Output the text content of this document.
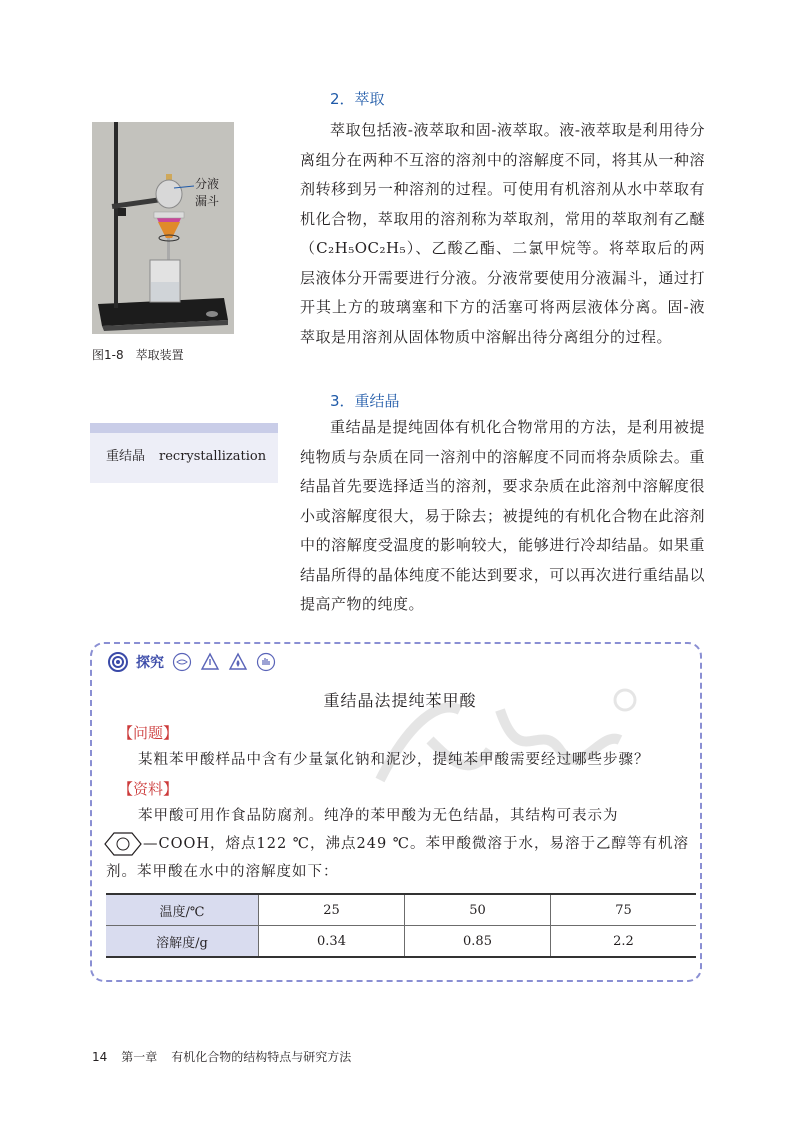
分液
漏斗
图1-8 萃取装置
2．萃取

萃取包括液-液萃取和固-液萃取。液-液萃取是利用待分离组分在两种不互溶的溶剂中的溶解度不同，将其从一种溶剂转移到另一种溶剂的过程。可使用有机溶剂从水中萃取有机化合物，萃取用的溶剂称为萃取剂，常用的萃取剂有乙醚（C₂H₅OC₂H₅）、乙酸乙酯、二氯甲烷等。将萃取后的两层液体分开需要进行分液。分液常要使用分液漏斗，通过打开其上方的玻璃塞和下方的活塞可将两层液体分离。固-液萃取是用溶剂从固体物质中溶解出待分离组分的过程。

重结晶 recrystallization
3．重结晶

重结晶是提纯固体有机化合物常用的方法，是利用被提纯物质与杂质在同一溶剂中的溶解度不同而将杂质除去。重结晶首先要选择适当的溶剂，要求杂质在此溶剂中溶解度很小或溶解度很大，易于除去；被提纯的有机化合物在此溶剂中的溶解度受温度的影响较大，能够进行冷却结晶。如果重结晶所得的晶体纯度不能达到要求，可以再次进行重结晶以提高产物的纯度。

探究
重结晶法提纯苯甲酸
【问题】
某粗苯甲酸样品中含有少量氯化钠和泥沙，提纯苯甲酸需要经过哪些步骤？
【资料】
苯甲酸可用作食品防腐剂。纯净的苯甲酸为无色结晶，其结构可表示为
—COOH，熔点122 ℃，沸点249 ℃。苯甲酸微溶于水，易溶于乙醇等有机溶
剂。苯甲酸在水中的溶解度如下：
温度/℃	25	50	75
溶解度/g	0.34	0.85	2.2
14 第一章 有机化合物的结构特点与研究方法
